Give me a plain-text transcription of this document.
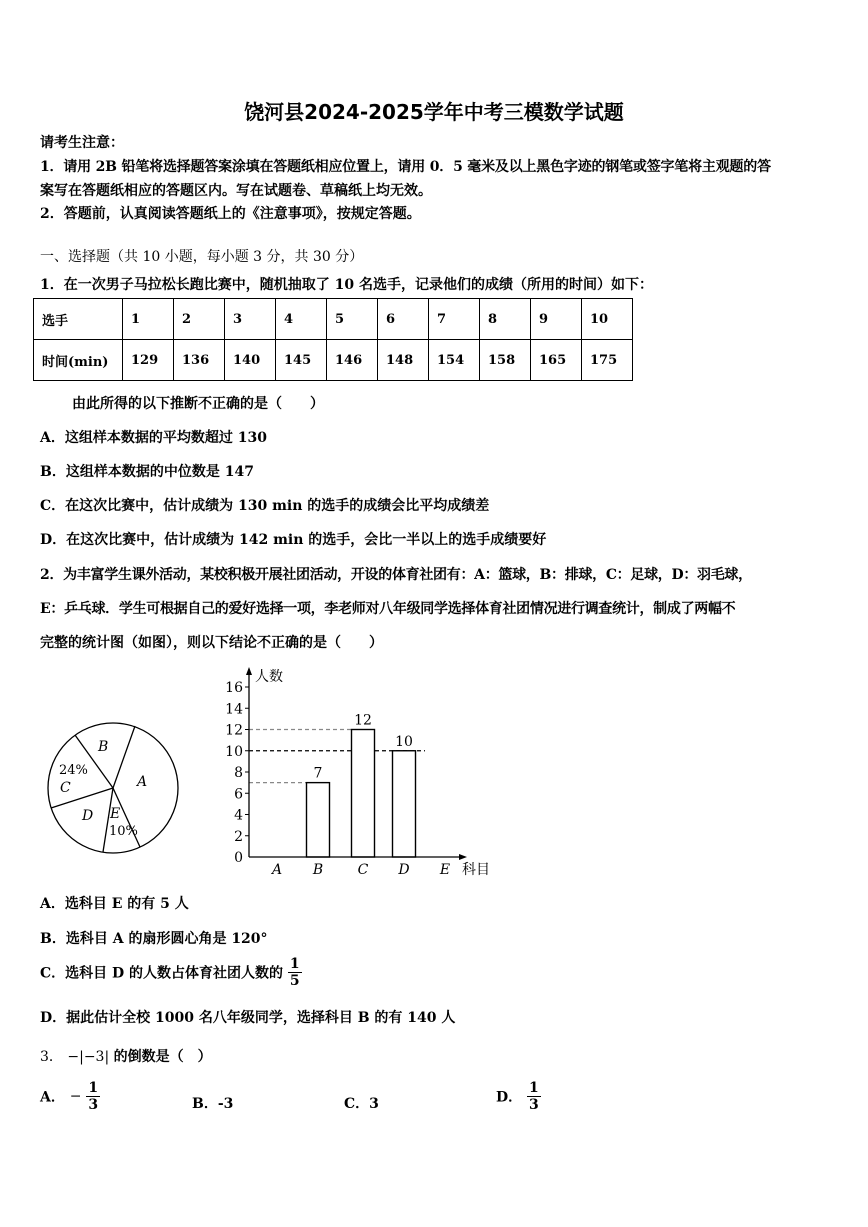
饶河县2024-2025学年中考三模数学试题
请考生注意：
1．请用 2B 铅笔将选择题答案涂填在答题纸相应位置上，请用 0．5 毫米及以上黑色字迹的钢笔或签字笔将主观题的答
案写在答题纸相应的答题区内。写在试题卷、草稿纸上均无效。
2．答题前，认真阅读答题纸上的《注意事项》，按规定答题。
一、选择题（共 10 小题，每小题 3 分，共 30 分）
1．在一次男子马拉松长跑比赛中，随机抽取了 10 名选手，记录他们的成绩（所用的时间）如下：
选手	1	2	3	4	5	6	7	8	9	10
时间(min)	129	136	140	145	146	148	154	158	165	175
由此所得的以下推断不正确的是（　　）
A．这组样本数据的平均数超过 130
B．这组样本数据的中位数是 147
C．在这次比赛中，估计成绩为 130 min 的选手的成绩会比平均成绩差
D．在这次比赛中，估计成绩为 142 min 的选手，会比一半以上的选手成绩要好
2．为丰富学生课外活动，某校积极开展社团活动，开设的体育社团有：A：篮球，B：排球，C：足球，D：羽毛球，
E：乒乓球．学生可根据自己的爱好选择一项，李老师对八年级同学选择体育社团情况进行调查统计，制成了两幅不
完整的统计图（如图），则以下结论不正确的是（　　）
B
A
24%
C
D E
10%
0
2
4
6
8
10
12
14
16
7
12
10
A B C D E
人数
科目
A．选科目 E 的有 5 人
B．选科目 A 的扇形圆心角是 120°
C．选科目 D 的人数占体育社团人数的 $\frac{1}{5}$
D．据此估计全校 1000 名八年级同学，选择科目 B 的有 140 人
3． −|−3| 的倒数是（　）
A． − $\frac{1}{3}$	B．-3	C．3	D． $\frac{1}{3}$
